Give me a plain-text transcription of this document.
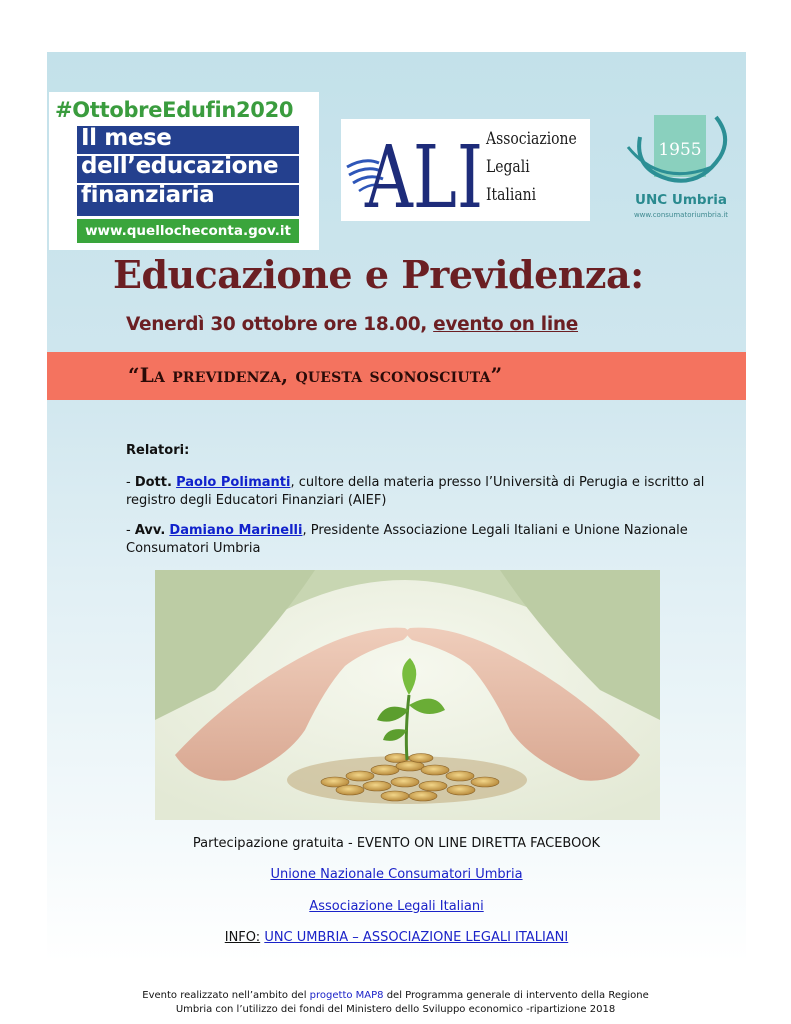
#OttobreEdufin2020
Il mese
dell’educazione
finanziaria
www.quellocheconta.gov.it
ALI Associazione
Legali
Italiani
1955
UNC Umbria
www.consumatoriumbria.it
Educazione e Previdenza:
Venerdì 30 ottobre ore 18.00, evento on line
“La previdenza, questa sconosciuta”
Relatori:
- Dott. Paolo Polimanti, cultore della materia presso l’Università di Perugia e iscritto al registro degli Educatori Finanziari (AIEF)
- Avv. Damiano Marinelli, Presidente Associazione Legali Italiani e Unione Nazionale Consumatori Umbria
Partecipazione gratuita - EVENTO ON LINE DIRETTA FACEBOOK
Unione Nazionale Consumatori Umbria
Associazione Legali Italiani
INFO: UNC UMBRIA – ASSOCIAZIONE LEGALI ITALIANI
Evento realizzato nell’ambito del progetto MAP8 del Programma generale di intervento della Regione
Umbria con l’utilizzo dei fondi del Ministero dello Sviluppo economico -ripartizione 2018
